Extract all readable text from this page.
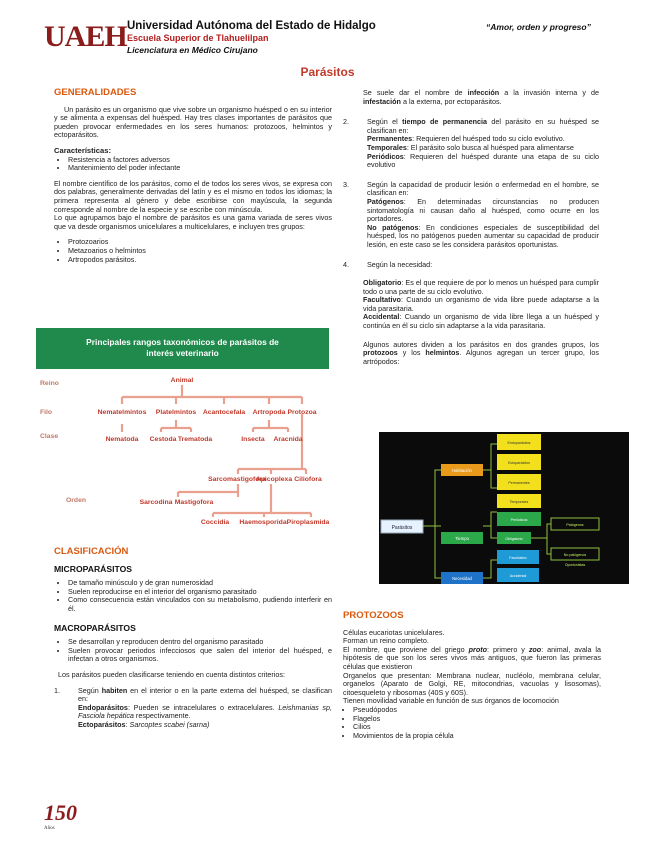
UAEH Universidad Autónoma del Estado de Hidalgo
Escuela Superior de Tlahuelilpan
Licenciatura en Médico Cirujano
“Amor, orden y progreso”
Parásitos
GENERALIDADES

Un parásito es un organismo que vive sobre un organismo huésped o en su interior y se alimenta a expensas del huésped. Hay tres clases importantes de parásitos que pueden provocar enfermedades en los seres humanos: protozoos, helmintos y ectoparásitos.

Características:
• Resistencia a factores adversos
• Mantenimiento del poder infectante

El nombre científico de los parásitos, como el de todos los seres vivos, se expresa con dos palabras, generalmente derivadas del latín y es el mismo en todos los idiomas; la primera representa al género y debe escribirse con mayúscula, la segunda corresponde al nombre de la especie y se escribe con minúscula.

Lo que agrupamos bajo el nombre de parásitos es una gama variada de seres vivos que va desde organismos unicelulares a multicelulares, e incluyen tres grupos:

• Protozoarios
• Metazoarios o helmintos
• Artropodos parásitos.
Principales rangos taxonómicos de parásitos de
interés veterinario
Reino
Filo
Clase
Orden
Animal
Nematelmintos Platelmintos Acantocefala Artropoda Protozoa
Nematoda Cestoda Trematoda	Insecta Aracnida
Sarcomastigofora
Apicoplexa Ciliofora
Sarcodina Mastigofora
Coccidia Haemosporida Piroplasmida
CLASIFICACIÓN
MICROPARÁSITOS
• De tamaño minúsculo y de gran numerosidad
• Suelen reproducirse en el interior del organismo parasitado
• Como consecuencia están vinculados con su metabolismo, pudiendo interferir en él.
MACROPARÁSITOS
• Se desarrollan y reproducen dentro del organismo parasitado
• Suelen provocar periodos infecciosos que salen del interior del huésped, e infectan a otros organismos.

Los parásitos pueden clasificarse teniendo en cuenta distintos criterios:

1.	Según habiten en el interior o en la parte externa del huésped, se clasifican en:
Endoparásitos: Pueden se intracelulares o extracelulares. Leishmanias sp, Fasciola hepática respectivamente.
Ectoparásitos: Sarcoptes scabei (sarna)

Se suele dar el nombre de infección a la invasión interna y de infestación a la externa, por ectoparásitos.

2.	Según el tiempo de permanencia del parásito en su huésped se clasifican en:
Permanentes: Requieren del huésped todo su ciclo evolutivo.
Temporales: El parásito solo busca al huésped para alimentarse
Periódicos: Requieren del huésped durante una etapa de su ciclo evolutivo
3.	Según la capacidad de producir lesión o enfermedad en el hombre, se clasifican en:
Patógenos: En determinadas circunstancias no producen sintomatología ni causan daño al huésped, como ocurre en los portadores.
No patógenos: En condiciones especiales de susceptibilidad del huésped, los no patógenos pueden aumentar su capacidad de producir lesión, en este caso se les considera parásitos oportunistas.
4.	Según la necesidad:

Obligatorio: Es el que requiere de por lo menos un huésped para cumplir todo o una parte de su ciclo evolutivo.
Facultativo: Cuando un organismo de vida libre puede adaptarse a la vida parasitaria.
Accidental: Cuando un organismo de vida libre llega a un huésped y continúa en él su ciclo sin adaptarse a la vida parasitaria.

Algunos autores dividen a los parásitos en dos grandes grupos, los protozoos y los helmintos. Algunos agregan un tercer grupo, los artrópodos:

Parásitos
Habitación
Tiempo
Necesidad
Endoparásitos
Ectoparásitos
Permanentes
Temporales
Periódicos
Obligatorio
Facultativo
Accidental
Patógenos
No patógenos
Oportunistas
PROTOZOOS
Células eucariotas unicelulares.
Forman un reino completo.
El nombre, que proviene del griego proto: primero y zoo: animal, avala la hipótesis de que son los seres vivos más antiguos, que fueron las primeras células que existieron
Organelos que presentan: Membrana nuclear, nucléolo, membrana celular, organelos (Aparato de Golgi, RE, mitocondrias, vacuolas y lisosomas), citoesqueleto y ribosomas (40S y 60S).
Tienen movilidad variable en función de sus órganos de locomoción
• Pseudópodos
• Flagelos
• Cilios
• Movimientos de la propia célula
150
Años
